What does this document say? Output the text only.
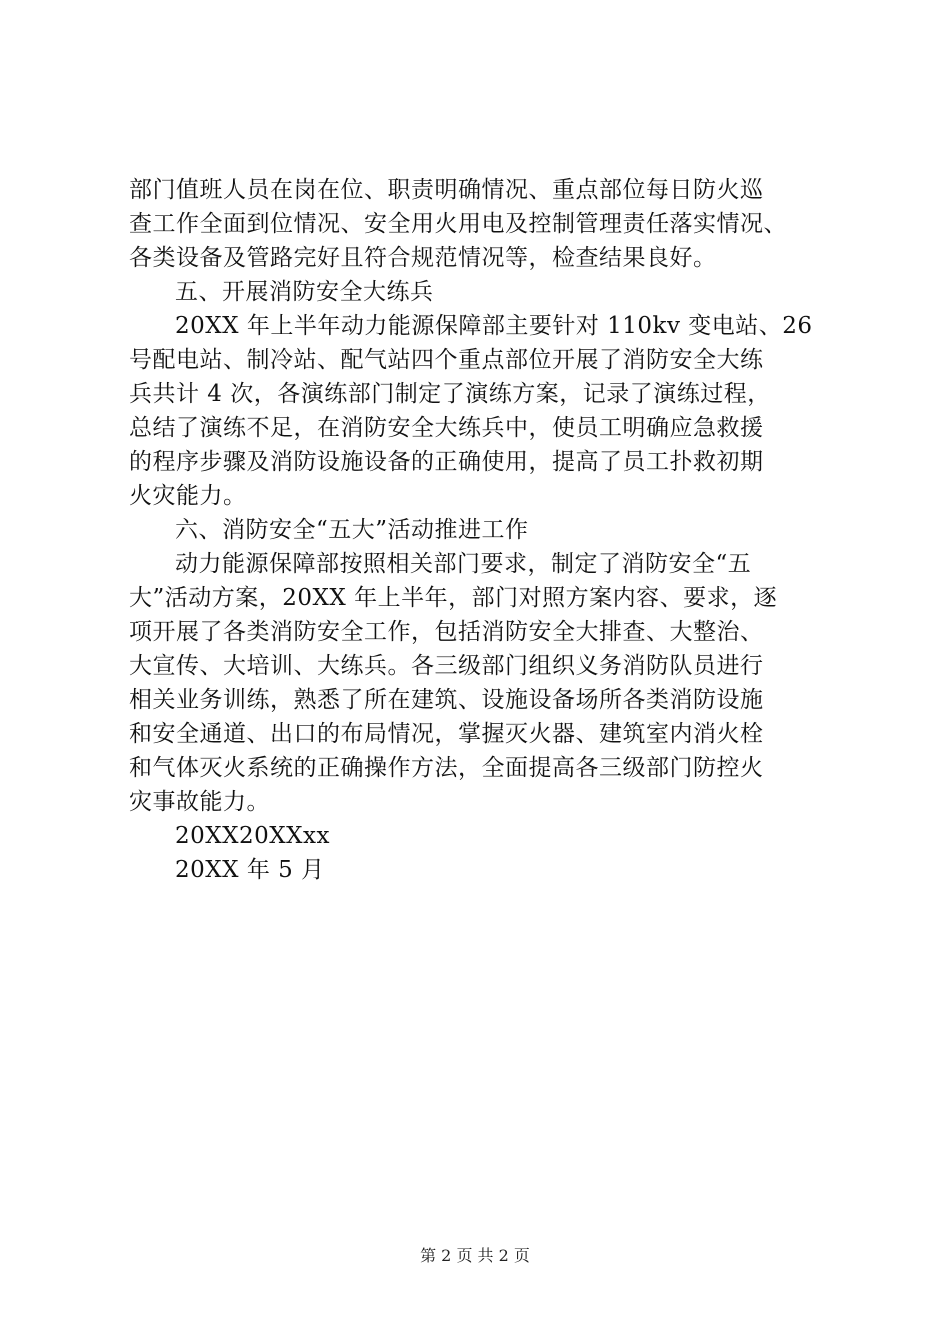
部门值班人员在岗在位、职责明确情况、重点部位每日防火巡
查工作全面到位情况、安全用火用电及控制管理责任落实情况、
各类设备及管路完好且符合规范情况等，检查结果良好。
五、开展消防安全大练兵
20XX 年上半年动力能源保障部主要针对 110kv 变电站、26
号配电站、制冷站、配气站四个重点部位开展了消防安全大练
兵共计 4 次，各演练部门制定了演练方案，记录了演练过程，
总结了演练不足，在消防安全大练兵中，使员工明确应急救援
的程序步骤及消防设施设备的正确使用，提高了员工扑救初期
火灾能力。
六、消防安全“五大”活动推进工作
动力能源保障部按照相关部门要求，制定了消防安全“五
大”活动方案，20XX 年上半年，部门对照方案内容、要求，逐
项开展了各类消防安全工作，包括消防安全大排查、大整治、
大宣传、大培训、大练兵。各三级部门组织义务消防队员进行
相关业务训练，熟悉了所在建筑、设施设备场所各类消防设施
和安全通道、出口的布局情况，掌握灭火器、建筑室内消火栓
和气体灭火系统的正确操作方法，全面提高各三级部门防控火
灾事故能力。
20XX20XXxx
20XX 年 5 月
第 2 页 共 2 页
